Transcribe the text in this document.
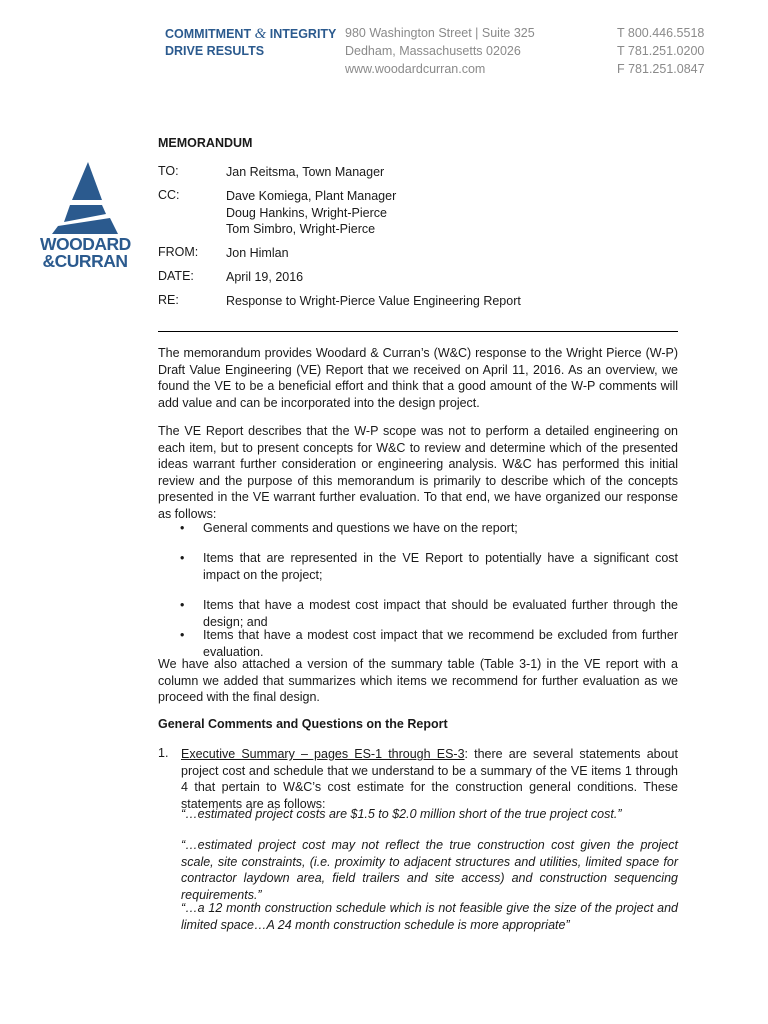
COMMITMENT & INTEGRITY
DRIVE RESULTS
980 Washington Street | Suite 325
Dedham, Massachusetts 02026
www.woodardcurran.com
T 800.446.5518
T 781.251.0200
F 781.251.0847
WOODARD
&CURRAN
MEMORANDUM
TO:	Jan Reitsma, Town Manager
CC:	Dave Komiega, Plant Manager
Doug Hankins, Wright-Pierce
Tom Simbro, Wright-Pierce
FROM: Jon Himlan
DATE:	April 19, 2016
RE:	Response to Wright-Pierce Value Engineering Report

The memorandum provides Woodard & Curran’s (W&C) response to the Wright Pierce (W-P) Draft Value Engineering (VE) Report that we received on April 11, 2016. As an overview, we found the VE to be a beneficial effort and think that a good amount of the W-P comments will add value and can be incorporated into the design project.

The VE Report describes that the W-P scope was not to perform a detailed engineering on each item, but to present concepts for W&C to review and determine which of the presented ideas warrant further consideration or engineering analysis. W&C has performed this initial review and the purpose of this memorandum is primarily to describe which of the concepts presented in the VE warrant further evaluation. To that end, we have organized our response as follows:

• General comments and questions we have on the report;

• Items that are represented in the VE Report to potentially have a significant cost impact on the project;

• Items that have a modest cost impact that should be evaluated further through the design; and

• Items that have a modest cost impact that we recommend be excluded from further evaluation.

We have also attached a version of the summary table (Table 3-1) in the VE report with a column we added that summarizes which items we recommend for further evaluation as we proceed with the final design.

General Comments and Questions on the Report
1. Executive Summary – pages ES-1 through ES-3: there are several statements about project cost and schedule that we understand to be a summary of the VE items 1 through 4 that pertain to W&C’s cost estimate for the construction general conditions. These statements are as follows:

“…estimated project costs are $1.5 to $2.0 million short of the true project cost.”

“…estimated project cost may not reflect the true construction cost given the project scale, site constraints, (i.e. proximity to adjacent structures and utilities, limited space for contractor laydown area, field trailers and site access) and construction sequencing requirements.”

“…a 12 month construction schedule which is not feasible give the size of the project and limited space…A 24 month construction schedule is more appropriate”
